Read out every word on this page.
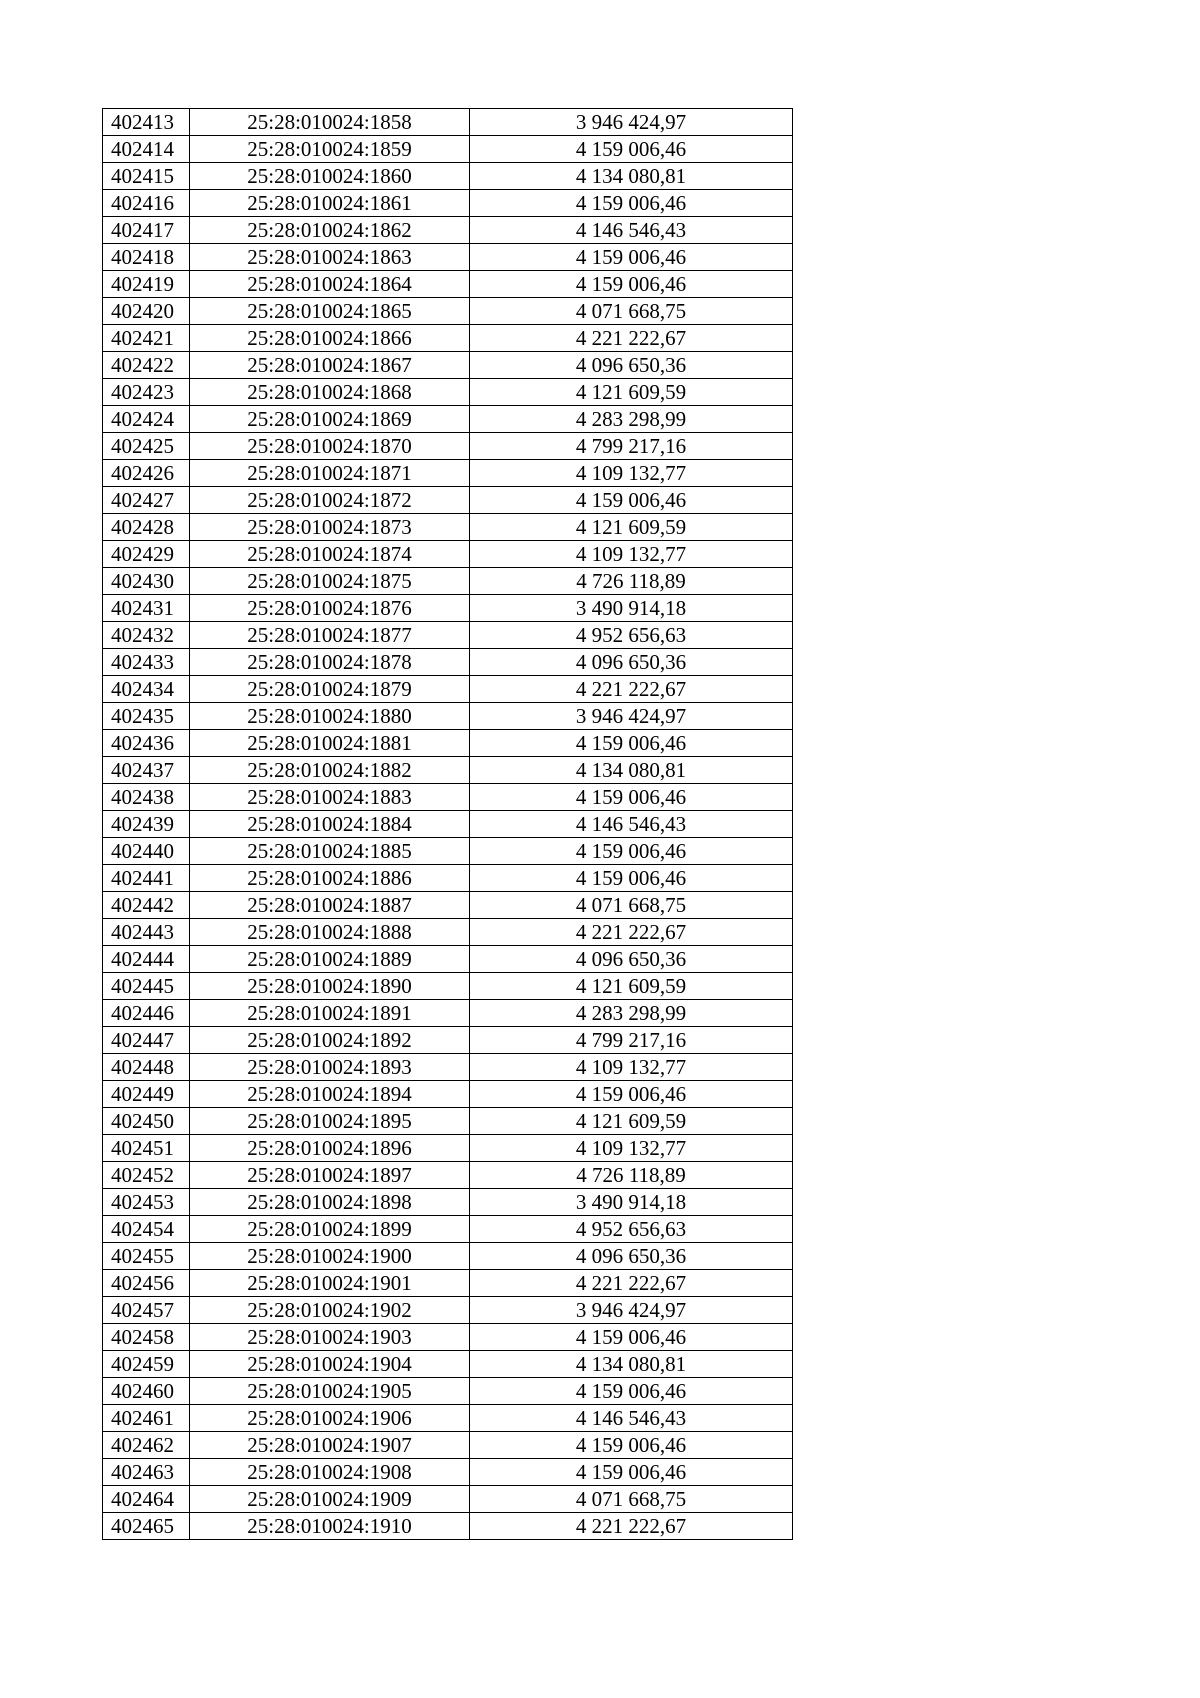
402413	25:28:010024:1858	3 946 424,97
402414	25:28:010024:1859	4 159 006,46
402415	25:28:010024:1860	4 134 080,81
402416	25:28:010024:1861	4 159 006,46
402417	25:28:010024:1862	4 146 546,43
402418	25:28:010024:1863	4 159 006,46
402419	25:28:010024:1864	4 159 006,46
402420	25:28:010024:1865	4 071 668,75
402421	25:28:010024:1866	4 221 222,67
402422	25:28:010024:1867	4 096 650,36
402423	25:28:010024:1868	4 121 609,59
402424	25:28:010024:1869	4 283 298,99
402425	25:28:010024:1870	4 799 217,16
402426	25:28:010024:1871	4 109 132,77
402427	25:28:010024:1872	4 159 006,46
402428	25:28:010024:1873	4 121 609,59
402429	25:28:010024:1874	4 109 132,77
402430	25:28:010024:1875	4 726 118,89
402431	25:28:010024:1876	3 490 914,18
402432	25:28:010024:1877	4 952 656,63
402433	25:28:010024:1878	4 096 650,36
402434	25:28:010024:1879	4 221 222,67
402435	25:28:010024:1880	3 946 424,97
402436	25:28:010024:1881	4 159 006,46
402437	25:28:010024:1882	4 134 080,81
402438	25:28:010024:1883	4 159 006,46
402439	25:28:010024:1884	4 146 546,43
402440	25:28:010024:1885	4 159 006,46
402441	25:28:010024:1886	4 159 006,46
402442	25:28:010024:1887	4 071 668,75
402443	25:28:010024:1888	4 221 222,67
402444	25:28:010024:1889	4 096 650,36
402445	25:28:010024:1890	4 121 609,59
402446	25:28:010024:1891	4 283 298,99
402447	25:28:010024:1892	4 799 217,16
402448	25:28:010024:1893	4 109 132,77
402449	25:28:010024:1894	4 159 006,46
402450	25:28:010024:1895	4 121 609,59
402451	25:28:010024:1896	4 109 132,77
402452	25:28:010024:1897	4 726 118,89
402453	25:28:010024:1898	3 490 914,18
402454	25:28:010024:1899	4 952 656,63
402455	25:28:010024:1900	4 096 650,36
402456	25:28:010024:1901	4 221 222,67
402457	25:28:010024:1902	3 946 424,97
402458	25:28:010024:1903	4 159 006,46
402459	25:28:010024:1904	4 134 080,81
402460	25:28:010024:1905	4 159 006,46
402461	25:28:010024:1906	4 146 546,43
402462	25:28:010024:1907	4 159 006,46
402463	25:28:010024:1908	4 159 006,46
402464	25:28:010024:1909	4 071 668,75
402465	25:28:010024:1910	4 221 222,67
